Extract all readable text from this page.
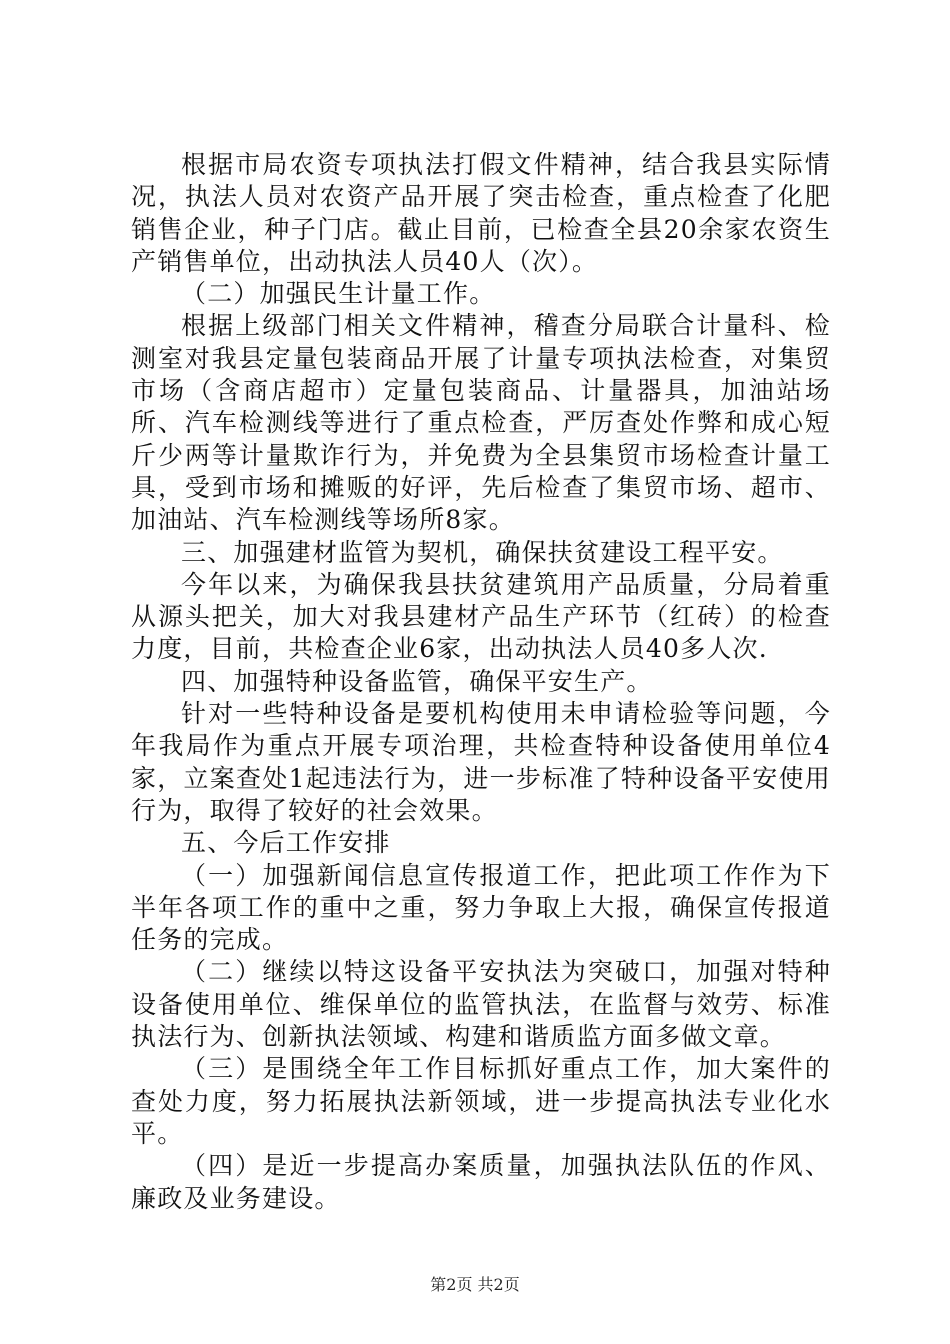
根据市局农资专项执法打假文件精神，结合我县实际情况，执法人员对农资产品开展了突击检查，重点检查了化肥销售企业，种子门店。截止目前，已检查全县20余家农资生产销售单位，出动执法人员40人（次）。

（二）加强民生计量工作。

根据上级部门相关文件精神，稽查分局联合计量科、检测室对我县定量包装商品开展了计量专项执法检查，对集贸市场（含商店超市）定量包装商品、计量器具，加油站场所、汽车检测线等进行了重点检查，严厉查处作弊和成心短斤少两等计量欺诈行为，并免费为全县集贸市场检查计量工具，受到市场和摊贩的好评，先后检查了集贸市场、超市、加油站、汽车检测线等场所8家。

三、加强建材监管为契机，确保扶贫建设工程平安。

今年以来，为确保我县扶贫建筑用产品质量，分局着重从源头把关，加大对我县建材产品生产环节（红砖）的检查力度，目前，共检查企业6家，出动执法人员40多人次.

四、加强特种设备监管，确保平安生产。

针对一些特种设备是要机构使用未申请检验等问题，今年我局作为重点开展专项治理，共检查特种设备使用单位4家，立案查处1起违法行为，进一步标准了特种设备平安使用行为，取得了较好的社会效果。

五、今后工作安排

（一）加强新闻信息宣传报道工作，把此项工作作为下半年各项工作的重中之重，努力争取上大报，确保宣传报道任务的完成。

（二）继续以特这设备平安执法为突破口，加强对特种设备使用单位、维保单位的监管执法，在监督与效劳、标准执法行为、创新执法领域、构建和谐质监方面多做文章。

（三）是围绕全年工作目标抓好重点工作，加大案件的查处力度，努力拓展执法新领域，进一步提高执法专业化水平。

（四）是近一步提高办案质量，加强执法队伍的作风、廉政及业务建设。

第2页 共2页
